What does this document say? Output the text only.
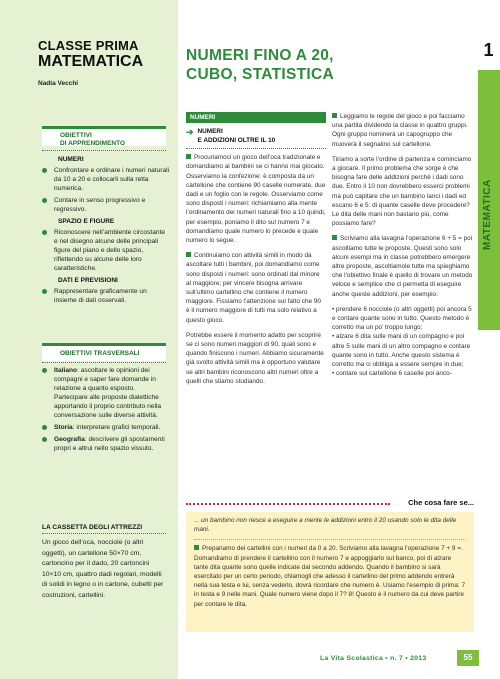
CLASSE PRIMA
MATEMATICA
Nadia Vecchi
OBIETTIVI
DI APPRENDIMENTO
NUMERI
Confrontare e ordinare i numeri naturali da 10 a 20 e collocarli sulla retta numerica.
Contare in senso progressivo e regressivo.
SPAZIO E FIGURE
Riconoscere nell’ambiente circostante e nel disegno alcune delle principali figure del piano e dello spazio, riflettendo su alcune delle loro caratteristiche.
DATI E PREVISIONI
Rappresentare graficamente un insieme di dati osservati.
OBIETTIVI TRASVERSALI
Italiano: ascoltare le opinioni dei compagni e saper fare domande in relazione a quanto esposto. Partecipare alle proposte dialettiche apportando il proprio contributo nella conversazione sulle diverse attività.
Storia: interpretare grafici temporali.
Geografia: descrivere gli spostamenti propri e altrui nello spazio vissuto.
LA CASSETTA DEGLI ATTREZZI
Un gioco dell’oca, nocciole (o altri oggetti), un cartellone 50×70 cm, cartoncino per il dado, 20 cartoncini 10×10 cm, quattro dadi regolari, modelli di solidi in legno o in cartone, cubetti per costruzioni, cartellini.
1
MATEMATICA
NUMERI FINO A 20,
CUBO, STATISTICA
NUMERI
➔ NUMERI
E ADDIZIONI OLTRE IL 10
Procuriamoci un gioco dell’oca tradizionale e domandiamo ai bambini se ci hanno mai giocato. Osserviamo la confezione: è composta da un cartellone che contiene 90 caselle numerate, due dadi e un foglio con le regole. Osserviamo come sono disposti i numeri: richiamiamo alla mente l’ordinamento dei numeri naturali fino a 10 quindi, per esempio, poniamo il dito sul numero 7 e domandiamo quale numero lo precede e quale numero lo segue.
Continuiamo con attività simili in modo da ascoltare tutti i bambini, poi domandiamo come sono disposti i numeri: sono ordinati dal minore al maggiore; per vincere bisogna arrivare sull’ultimo cartellino che contiene il numero maggiore. Fissiamo l’attenzione sul fatto che 90 è il numero maggiore di tutti ma solo relativo a questo gioco.
Potrebbe essere il momento adatto per scoprire se ci sono numeri maggiori di 90, quali sono e quando finiscono i numeri. Abbiamo sicuramente già svolto attività simili ma è opportuno valutare se altri bambini riconoscono altri numeri oltre a quelli che stiamo studiando.
Leggiamo le regole del gioco e poi facciamo una partita dividendo la classe in quattro gruppi. Ogni gruppo nominerà un capogruppo che muoverà il segnalino sul cartellone.
Tiriamo a sorte l’ordine di partenza e cominciamo a giocare. Il primo problema che sorge è che bisogna fare delle addizioni perché i dadi sono due. Entro il 10 non dovrebbero esserci problemi ma può capitare che un bambino lanci i dadi ed escano 6 e 5: di quante caselle deve procedere? Le dita delle mani non bastano più, come possiamo fare?
Scriviamo alla lavagna l’operazione 6 + 5 = poi ascoltiamo tutte le proposte. Questi sono solo alcuni esempi ma in classe potrebbero emergere altre proposte, ascoltiamole tutte ma spieghiamo che l’obiettivo finale è quello di trovare un metodo veloce e semplice che ci permetta di eseguire anche queste addizioni, per esempio:
• prendere 6 nocciole (o altri oggetti) poi ancora 5 e contare quante sono in tutto. Questo metodo è corretto ma un po’ troppo lungo;
• alzare 6 dita sulle mani di un compagno e poi altre 5 sulle mani di un altro compagno e contare quante sono in tutto. Anche questo sistema è corretto ma ci obbliga a essere sempre in due;
• contare sul cartellone 6 caselle poi anco-
Che cosa fare se...
... un bambino non riesce a eseguire a mente le addizioni entro il 20 usando solo le dita delle mani.
Prepariamo dei cartellini con i numeri da 0 a 20. Scriviamo alla lavagna l’operazione 7 + 9 =. Domandiamo di prendere il cartellino con il numero 7 e appoggiarlo sul banco, poi di alzare tante dita quante sono quelle indicate dal secondo addendo. Quando il bambino si sarà esercitato per un certo periodo, chiamogli che adesso il cartellino del primo addendo entrerà nella sua testa e lui, senza vederlo, dovrà ricordare che numero è. Usiamo l’esempio di prima: 7 in testa e 9 nelle mani. Quale numero viene dopo il 7? 8! Questo è il numero da cui deve partire per contare le dita.
La Vita Scolastica • n. 7 • 2013	55
